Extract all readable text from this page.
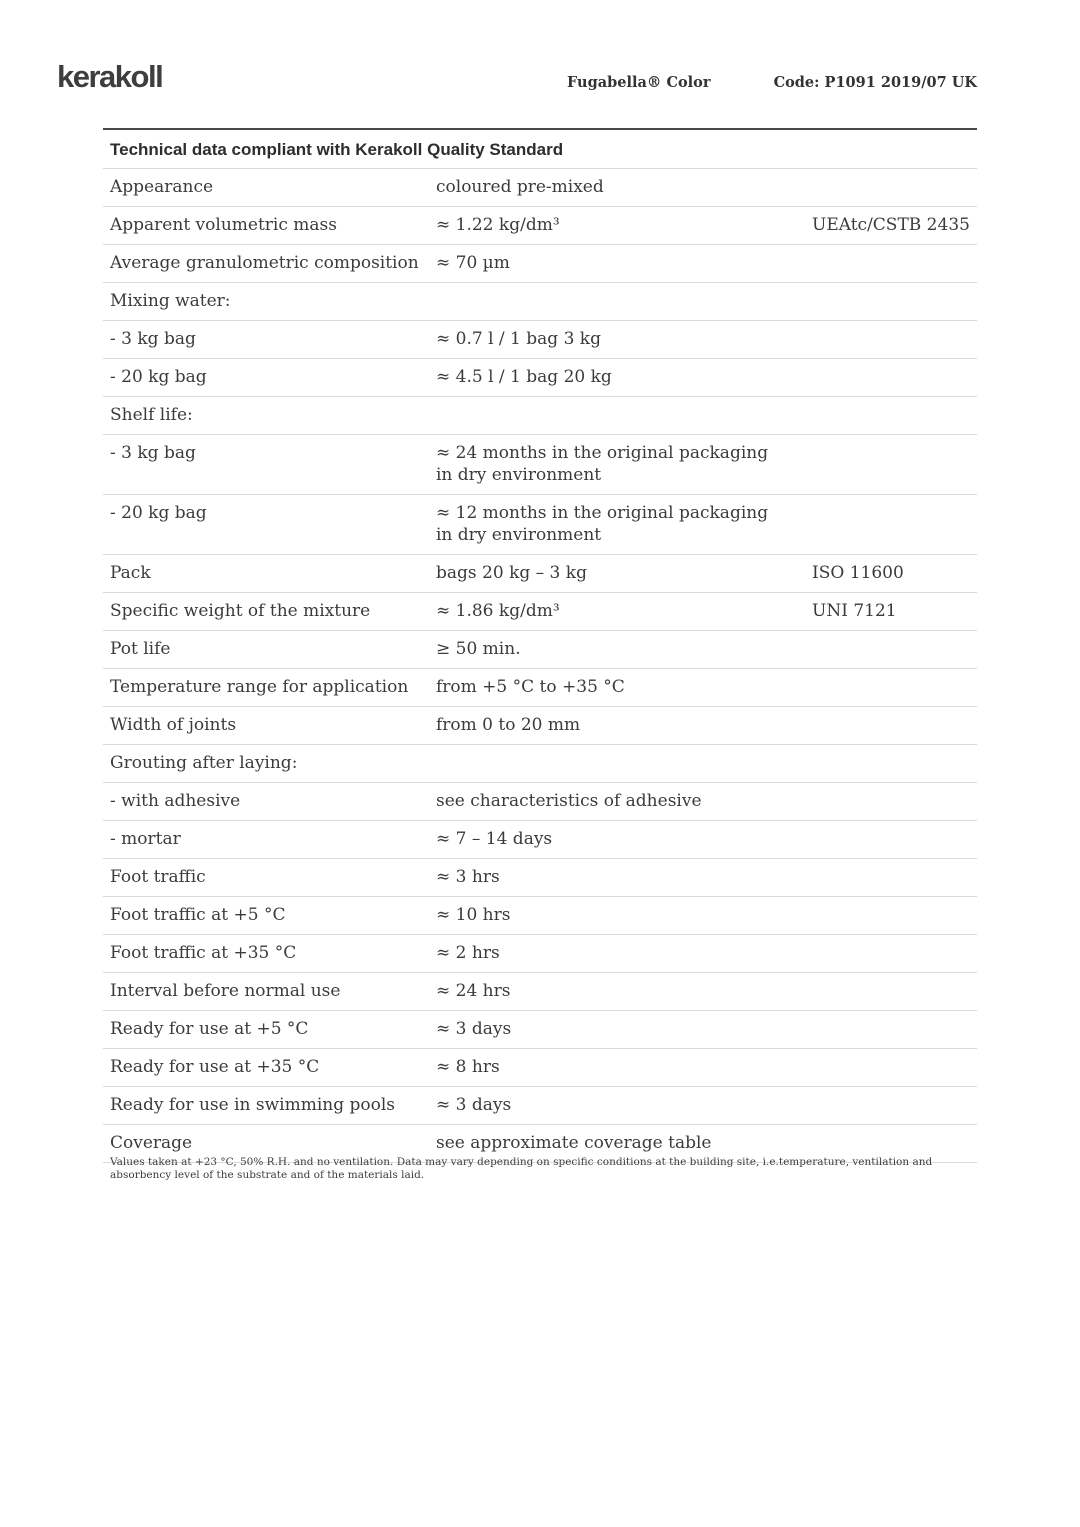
kerakoll	Fugabella® Color	Code: P1091 2019/07 UK
Technical data compliant with Kerakoll Quality Standard
Appearance	coloured pre-mixed
Apparent volumetric mass	≈ 1.22 kg/dm³	UEAtc/CSTB 2435
Average granulometric composition	≈ 70 µm
Mixing water:
- 3 kg bag	≈ 0.7 l / 1 bag 3 kg
- 20 kg bag	≈ 4.5 l / 1 bag 20 kg
Shelf life:
- 3 kg bag	≈ 24 months in the original packaging in dry environment
- 20 kg bag	≈ 12 months in the original packaging in dry environment
Pack	bags 20 kg – 3 kg	ISO 11600
Specific weight of the mixture	≈ 1.86 kg/dm³	UNI 7121
Pot life	≥ 50 min.
Temperature range for application	from +5 °C to +35 °C
Width of joints	from 0 to 20 mm
Grouting after laying:
- with adhesive	see characteristics of adhesive
- mortar	≈ 7 – 14 days
Foot traffic	≈ 3 hrs
Foot traffic at +5 °C	≈ 10 hrs
Foot traffic at +35 °C	≈ 2 hrs
Interval before normal use	≈ 24 hrs
Ready for use at +5 °C	≈ 3 days
Ready for use at +35 °C	≈ 8 hrs
Ready for use in swimming pools	≈ 3 days
Coverage	see approximate coverage table
Values taken at +23 °C, 50% R.H. and no ventilation. Data may vary depending on specific conditions at the building site, i.e.temperature, ventilation and absorbency level of the substrate and of the materials laid.
